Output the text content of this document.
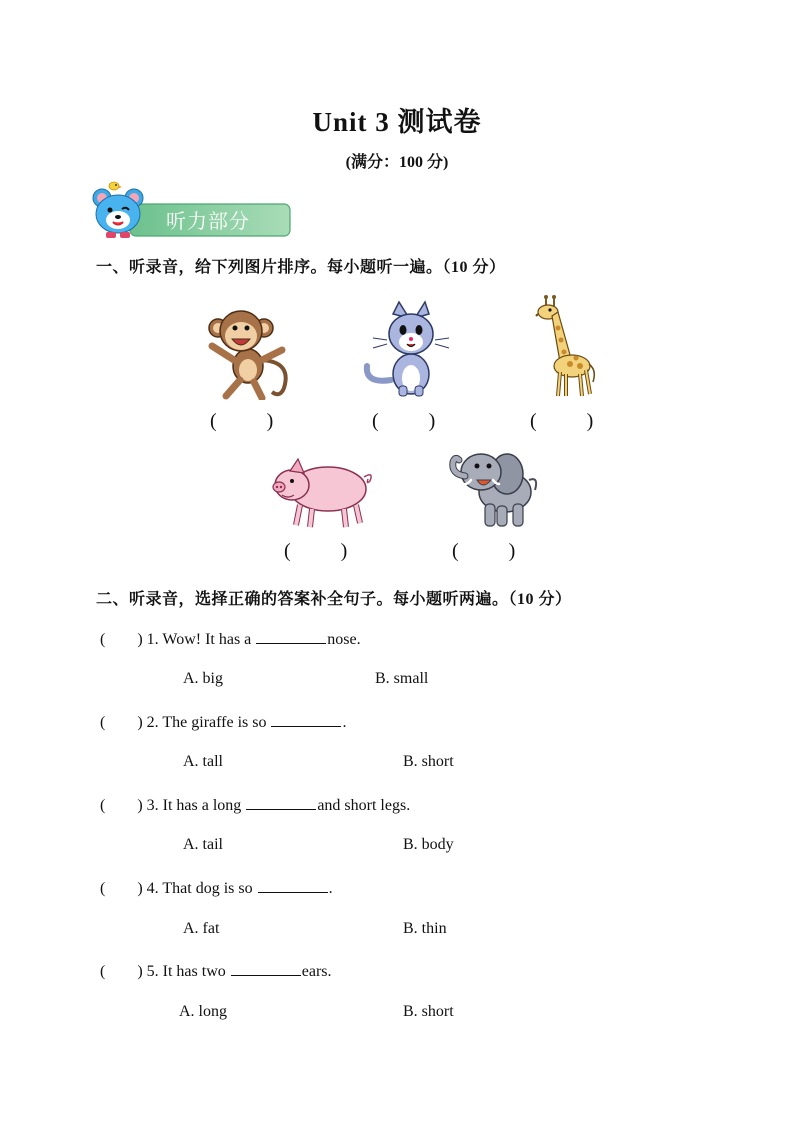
Unit 3 测试卷
(满分：100 分)
听力部分
一、听录音，给下列图片排序。每小题听一遍。（10 分）
(          )	(          )	(          )
(          )	(          )
二、听录音，选择正确的答案补全句子。每小题听两遍。（10 分）
(        ) 1. Wow! It has a	nose.
A. big	B. small
(        ) 2. The giraffe is so	.
A. tall	B. short
(        ) 3. It has a long	and short legs.
A. tail	B. body
(        ) 4. That dog is so	.
A. fat	B. thin
(        ) 5. It has two	ears.
A. long	B. short
